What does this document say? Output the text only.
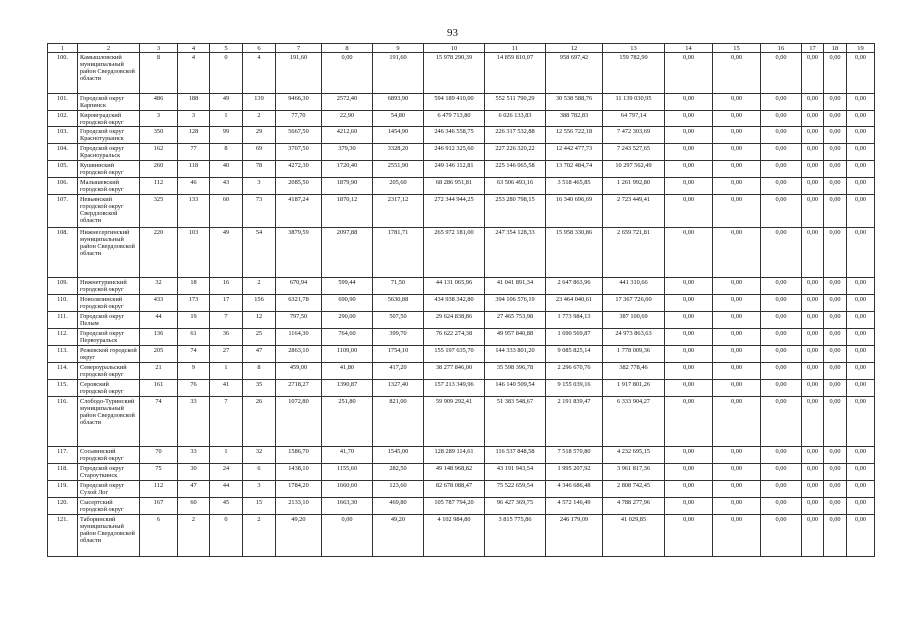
93
1	2	3	4	5	6	7	8	9	10	11	12	13	14	15	16	17	18	19
100.	Камышловский муниципальный район Свердловской области	8	4	0	4	191,60	0,00	191,60	15 978 290,39	14 859 810,07	958 697,42	159 782,90	0,00	0,00	0,00	0,00	0,00	0,00
101.	Городской округ Карпинск	486	188	49	139	9466,30	2572,40	6893,90	594 189 410,00	552 511 790,29	30 538 588,76	11 139 030,95	0,00	0,00	0,00	0,00	0,00	0,00
102.	Кировградский городской округ	3	3	1	2	77,70	22,90	54,80	6 479 713,80	6 026 133,83	388 782,83	64 797,14	0,00	0,00	0,00	0,00	0,00	0,00
103.	Городской округ Краснотурьинск	350	128	99	29	5667,50	4212,60	1454,90	246 346 558,75	226 317 532,88	12 556 722,18	7 472 303,69	0,00	0,00	0,00	0,00	0,00	0,00
104.	Городской округ Красноуральск	162	77	8	69	3707,50	379,30	3328,20	246 912 325,60	227 226 320,22	12 442 477,73	7 243 527,65	0,00	0,00	0,00	0,00	0,00	0,00
105.	Кушвинский городской округ	260	118	40	78	4272,30	1720,40	2551,90	249 146 112,81	225 146 065,58	13 702 484,74	10 297 562,49	0,00	0,00	0,00	0,00	0,00	0,00
106.	Малышевский городской округ	112	46	43	3	2085,50	1879,90	205,60	68 286 951,81	63 506 493,16	3 518 465,85	1 261 992,80	0,00	0,00	0,00	0,00	0,00	0,00
107.	Невьянский городской округ Свердловской области	325	133	60	73	4187,24	1870,12	2317,12	272 344 944,25	253 280 798,15	16 340 696,69	2 723 449,41	0,00	0,00	0,00	0,00	0,00	0,00
108.	Нижнесергинский муниципальный район Свердловской области	220	103	49	54	3879,59	2097,88	1781,71	265 972 181,00	247 354 128,33	15 958 330,86	2 659 721,81	0,00	0,00	0,00	0,00	0,00	0,00
109.	Нижнетуринский городской округ	32	18	16	2	670,94	599,44	71,50	44 131 065,96	41 041 891,34	2 647 863,96	441 310,66	0,00	0,00	0,00	0,00	0,00	0,00
110.	Новолялинский городской округ	433	173	17	156	6321,78	690,90	5630,88	434 938 342,80	394 106 576,19	23 464 040,61	17 367 726,00	0,00	0,00	0,00	0,00	0,00	0,00
111.	Городской округ Пелым	44	19	7	12	797,50	290,00	507,50	29 624 838,86	27 465 753,98	1 773 984,13	387 100,69	0,00	0,00	0,00	0,00	0,00	0,00
112.	Городской округ Первоуральск	136	61	36	25	1164,30	764,60	399,70	76 622 274,38	49 957 840,88	1 690 569,87	24 973 863,63	0,00	0,00	0,00	0,00	0,00	0,00
113.	Режевской городской округ	205	74	27	47	2863,10	1109,00	1754,10	155 197 635,70	144 333 801,20	9 085 825,14	1 778 009,36	0,00	0,00	0,00	0,00	0,00	0,00
114.	Североуральский городской округ	21	9	1	8	459,00	41,80	417,20	38 277 846,00	35 598 396,78	2 296 670,76	382 778,46	0,00	0,00	0,00	0,00	0,00	0,00
115.	Серовский городской округ	161	76	41	35	2718,27	1390,87	1327,40	157 213 349,96	146 140 509,54	9 155 039,16	1 917 801,26	0,00	0,00	0,00	0,00	0,00	0,00
116.	Слободо-Туринский муниципальный район Свердловской области	74	33	7	26	1072,80	251,80	821,00	59 909 292,41	51 383 548,67	2 191 839,47	6 333 904,27	0,00	0,00	0,00	0,00	0,00	0,00
117.	Сосьвинский городской округ	70	33	1	32	1586,70	41,70	1545,00	128 289 114,61	116 537 848,58	7 518 570,80	4 232 695,15	0,00	0,00	0,00	0,00	0,00	0,00
118.	Городской округ Староуткинск	75	30	24	6	1438,10	1155,60	282,50	49 148 968,82	43 191 943,54	1 995 207,92	3 961 817,36	0,00	0,00	0,00	0,00	0,00	0,00
119.	Городской округ Сухой Лог	112	47	44	3	1784,20	1660,60	123,60	82 678 088,47	75 522 659,54	4 346 686,48	2 808 742,45	0,00	0,00	0,00	0,00	0,00	0,00
120.	Сысертский городской округ	167	60	45	15	2133,10	1663,30	469,80	105 787 794,20	96 427 369,75	4 572 146,49	4 788 277,96	0,00	0,00	0,00	0,00	0,00	0,00
121.	Таборинский муниципальный район Свердловской области	6	2	0	2	49,20	0,00	49,20	4 102 984,80	3 815 775,86	246 179,09	41 029,85	0,00	0,00	0,00	0,00	0,00	0,00
